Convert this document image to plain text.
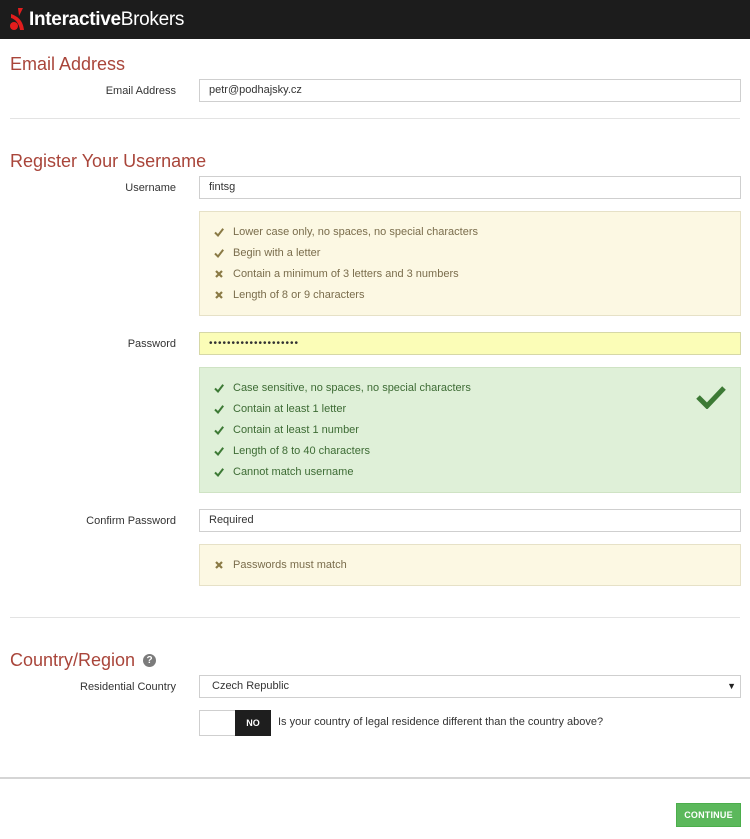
InteractiveBrokers
Email Address
Email Address	petr@podhajsky.cz
Register Your Username
Username	fintsg
Lower case only, no spaces, no special characters
Begin with a letter
Contain a minimum of 3 letters and 3 numbers
Length of 8 or 9 characters
Password	••••••••••••••••••••
Case sensitive, no spaces, no special characters
Contain at least 1 letter
Contain at least 1 number
Length of 8 to 40 characters
Cannot match username
Confirm Password	Required
Passwords must match
Country/Region	?
Residential Country	Czech Republic	▼
NO	Is your country of legal residence different than the country above?
CONTINUE
